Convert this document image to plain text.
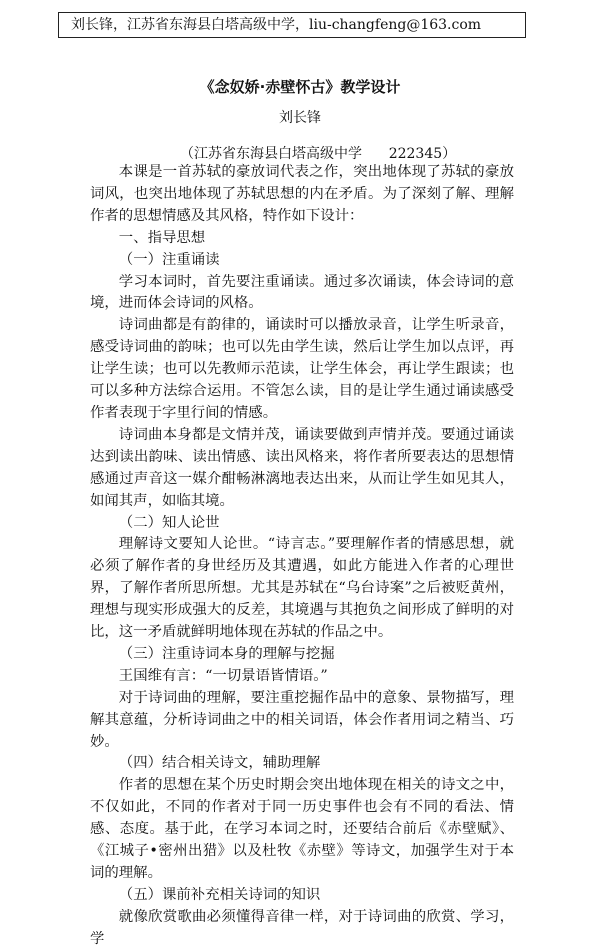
刘长锋，江苏省东海县白塔高级中学，liu-changfeng@163.com
《念奴娇·赤壁怀古》教学设计
刘长锋
（江苏省东海县白塔高级中学      222345）

本课是一首苏轼的豪放词代表之作，突出地体现了苏轼的豪放词风，也突出地体现了苏轼思想的内在矛盾。为了深刻了解、理解作者的思想情感及其风格，特作如下设计：

一、指导思想

（一）注重诵读

学习本词时，首先要注重诵读。通过多次诵读，体会诗词的意境，进而体会诗词的风格。

诗词曲都是有韵律的，诵读时可以播放录音，让学生听录音，感受诗词曲的韵味；也可以先由学生读，然后让学生加以点评，再让学生读；也可以先教师示范读，让学生体会，再让学生跟读；也可以多种方法综合运用。不管怎么读，目的是让学生通过诵读感受作者表现于字里行间的情感。

诗词曲本身都是文情并茂，诵读要做到声情并茂。要通过诵读达到读出韵味、读出情感、读出风格来，将作者所要表达的思想情感通过声音这一媒介酣畅淋漓地表达出来，从而让学生如见其人，如闻其声，如临其境。

（二）知人论世

理解诗文要知人论世。“诗言志。”要理解作者的情感思想，就必须了解作者的身世经历及其遭遇，如此方能进入作者的心理世界，了解作者所思所想。尤其是苏轼在“乌台诗案”之后被贬黄州，理想与现实形成强大的反差，其境遇与其抱负之间形成了鲜明的对比，这一矛盾就鲜明地体现在苏轼的作品之中。

（三）注重诗词本身的理解与挖掘

王国维有言：“一切景语皆情语。”

对于诗词曲的理解，要注重挖掘作品中的意象、景物描写，理解其意蕴，分析诗词曲之中的相关词语，体会作者用词之精当、巧妙。

（四）结合相关诗文，辅助理解

作者的思想在某个历史时期会突出地体现在相关的诗文之中，不仅如此，不同的作者对于同一历史事件也会有不同的看法、情感、态度。基于此，在学习本词之时，还要结合前后《赤壁赋》、《江城子•密州出猎》以及杜牧《赤壁》等诗文，加强学生对于本词的理解。

（五）课前补充相关诗词的知识

就像欣赏歌曲必须懂得音律一样，对于诗词曲的欣赏、学习，学
